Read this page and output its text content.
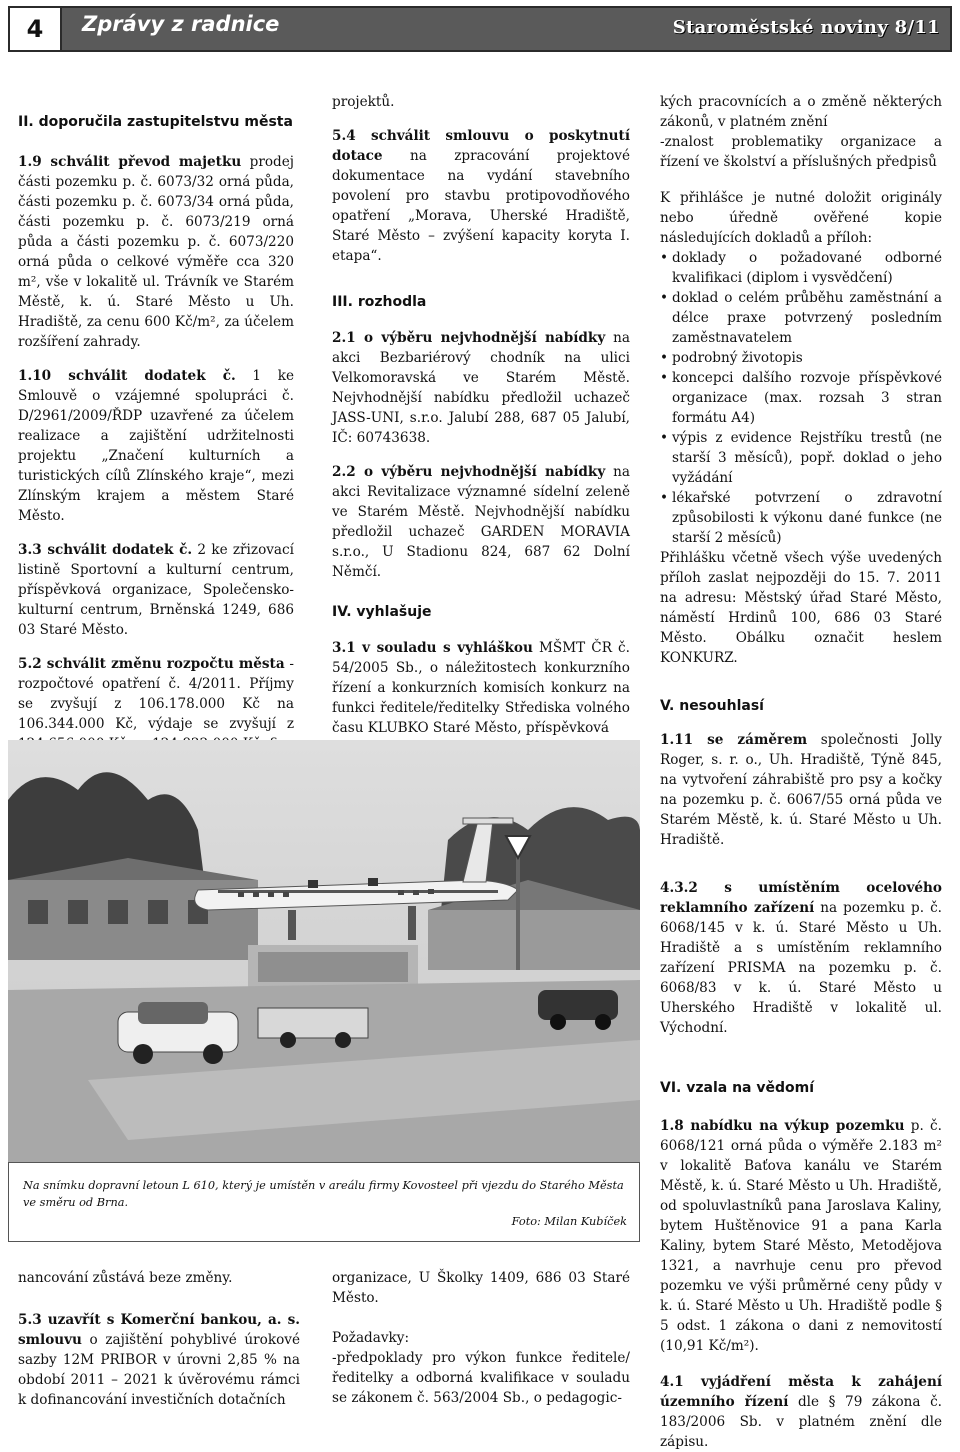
4	Zprávy z radnice	Staroměstské noviny 8/11
II. doporučila zastupitelstvu města

1.9 schválit převod majetku prodej části pozemku p. č. 6073/32 orná půda, části pozemku p. č. 6073/34 orná půda, části pozemku p. č. 6073/219 orná půda a části pozemku p. č. 6073/220 orná půda o celkové výměře cca 320 m², vše v lokalitě ul. Trávník ve Starém Městě, k. ú. Staré Město u Uh. Hradiště, za cenu 600 Kč/m², za účelem rozšíření zahrady.

1.10 schválit dodatek č. 1 ke Smlouvě o vzájemné spolupráci č. D/2961/2009/ŘDP uzavřené za účelem realizace a zajištění udržitelnosti projektu „Značení kulturních a turistických cílů Zlínského kraje“, mezi Zlínským krajem a městem Staré Město.

3.3 schválit dodatek č. 2 ke zřizovací listině Sportovní a kulturní centrum, příspěvková organizace, Společensko-kulturní centrum, Brněnská 1249, 686 03 Staré Město.

5.2 schválit změnu rozpočtu města - rozpočtové opatření č. 4/2011. Příjmy se zvyšují z 106.178.000 Kč na 106.344.000 Kč, výdaje se zvyšují z

projektů.

5.4 schválit smlouvu o poskytnutí dotace na zpracování projektové dokumentace na vydání stavebního povolení pro stavbu protipovodňového opatření „Morava, Uherské Hradiště, Staré Město – zvýšení kapacity koryta I. etapa“.

III. rozhodla

2.1 o výběru nejvhodnější nabídky na akci Bezbariérový chodník na ulici Velkomoravská ve Starém Městě. Nejvhodnější nabídku předložil uchazeč JASS-UNI, s.r.o. Jalubí 288, 687 05 Jalubí, IČ: 60743638.

2.2 o výběru nejvhodnější nabídky na akci Revitalizace významné sídelní zeleně ve Starém Městě. Nejvhodnější nabídku předložil uchazeč GARDEN MORAVIA s.r.o., U Stadionu 824, 687 62 Dolní Němčí.

IV. vyhlašuje

3.1 v souladu s vyhláškou MŠMT ČR č. 54/2005 Sb., o náležitostech konkurzního řízení a konkurzních komisích konkurz na funkci ředitele/ředitelky Střediska volného času KLUBKO Staré Město, příspěvková

kých pracovnících a o změně některých zákonů, v platném znění

-znalost problematiky organizace a řízení ve školství a příslušných předpisů

K přihlášce je nutné doložit originály nebo úředně ověřené kopie následujících dokladů a příloh:

• doklady o požadované odborné kvalifikaci (diplom i vysvědčení)
• doklad o celém průběhu zaměstnání a délce praxe potvrzený posledním zaměstnavatelem
• podrobný životopis
• koncepci dalšího rozvoje příspěvkové organizace (max. rozsah 3 stran formátu A4)
• výpis z evidence Rejstříku trestů (ne starší 3 měsíců), popř. doklad o jeho vyžádání
• lékařské potvrzení o zdravotní způsobilosti k výkonu dané funkce (ne starší 2 měsíců)

Přihlášku včetně všech výše uvedených příloh zaslat nejpozději do 15. 7. 2011 na adresu: Městský úřad Staré Město, náměstí Hrdinů 100, 686 03 Staré Město. Obálku označit heslem KONKURZ.

V. nesouhlasí

1.11 se záměrem společnosti Jolly Roger, s. r. o., Uh. Hradiště, Týně 845, na vytvoření záhrabiště pro psy a kočky na pozemku p. č. 6067/55 orná půda ve Starém Městě, k. ú. Staré Město u Uh. Hradiště.

4.3.2 s umístěním ocelového reklamního zařízení na pozemku p. č. 6068/145 v k. ú. Staré Město u Uh. Hradiště a s umístěním reklamního zařízení PRISMA na pozemku p. č. 6068/83 v k. ú. Staré Město u Uherského Hradiště v lokalitě ul. Východní.

VI. vzala na vědomí

1.8 nabídku na výkup pozemku p. č. 6068/121 orná půda o výměře 2.183 m² v lokalitě Baťova kanálu ve Starém Městě, k. ú. Staré Město u Uh. Hradiště, od spoluvlastníků pana Jaroslava Kaliny, bytem Huštěnovice 91 a pana Karla Kaliny, bytem Staré Město, Metodějova 1321, a navrhuje cenu pro převod pozemku ve výši průměrné ceny půdy v k. ú. Staré Město u Uh. Hradiště podle § 5 odst. 1 zákona o dani z nemovitostí (10,91 Kč/m²).

4.1 vyjádření města k zahájení územního řízení dle § 79 zákona č. 183/2006 Sb. v platném znění dle zápisu.

Na snímku dopravní letoun L 610, který je umístěn v areálu firmy Kovosteel při vjezdu do Starého Města ve směru od Brna.
Foto: Milan Kubíček

nancování zůstává beze změny.

5.3 uzavřít s Komerční bankou, a. s. smlouvu o zajištění pohyblivé úrokové sazby 12M PRIBOR v úrovni 2,85 % na období 2011 – 2021 k úvěrovému rámci k dofinancování investičních dotačních

organizace, U Školky 1409, 686 03 Staré Město.

Požadavky:

-předpoklady pro výkon funkce ředitele/ředitelky a odborná kvalifikace v souladu se zákonem č. 563/2004 Sb., o pedagogic-
